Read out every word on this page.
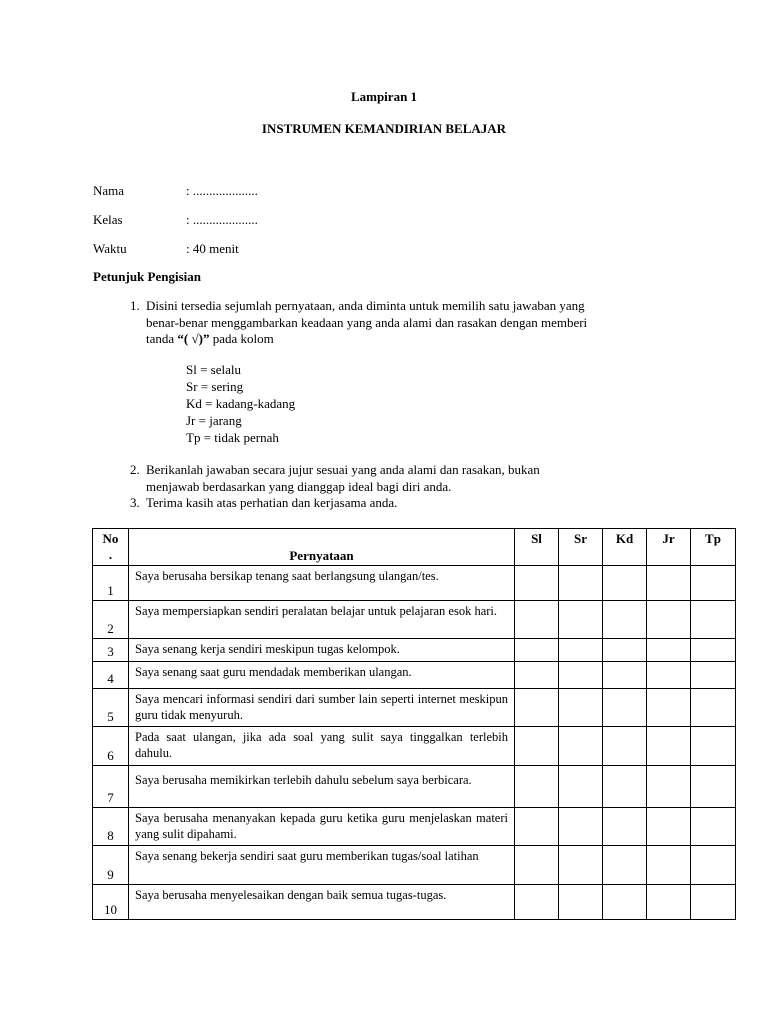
Lampiran 1
INSTRUMEN KEMANDIRIAN BELAJAR
Nama	: ....................
Kelas	: ....................
Waktu	: 40 menit
Petunjuk Pengisian
1. Disini tersedia sejumlah pernyataan, anda diminta untuk memilih satu jawaban yang
benar-benar menggambarkan keadaan yang anda alami dan rasakan dengan memberi
tanda “( √)” pada kolom
Sl = selalu
Sr = sering
Kd = kadang-kadang
Jr = jarang
Tp = tidak pernah
2. Berikanlah jawaban secara jujur sesuai yang anda alami dan rasakan, bukan
menjawab berdasarkan yang dianggap ideal bagi diri anda.
3. Terima kasih atas perhatian dan kerjasama anda.
No
.	Pernyataan	Sl	Sr	Kd	Jr	Tp
1	Saya berusaha bersikap tenang saat berlangsung ulangan/tes.					
2	Saya mempersiapkan sendiri peralatan belajar untuk pelajaran esok hari.					
3	Saya senang kerja sendiri meskipun tugas kelompok.					
4	Saya senang saat guru mendadak memberikan ulangan.					
5	Saya mencari informasi sendiri dari sumber lain seperti internet meskipun guru tidak menyuruh.					
6	Pada saat ulangan, jika ada soal yang sulit saya tinggalkan terlebih dahulu.					
7	Saya berusaha memikirkan terlebih dahulu sebelum saya berbicara.					
8	Saya berusaha menanyakan kepada guru ketika guru menjelaskan materi yang sulit dipahami.					
9	Saya senang bekerja sendiri saat guru memberikan tugas/soal latihan					
10	Saya berusaha menyelesaikan dengan baik semua tugas-tugas.					
